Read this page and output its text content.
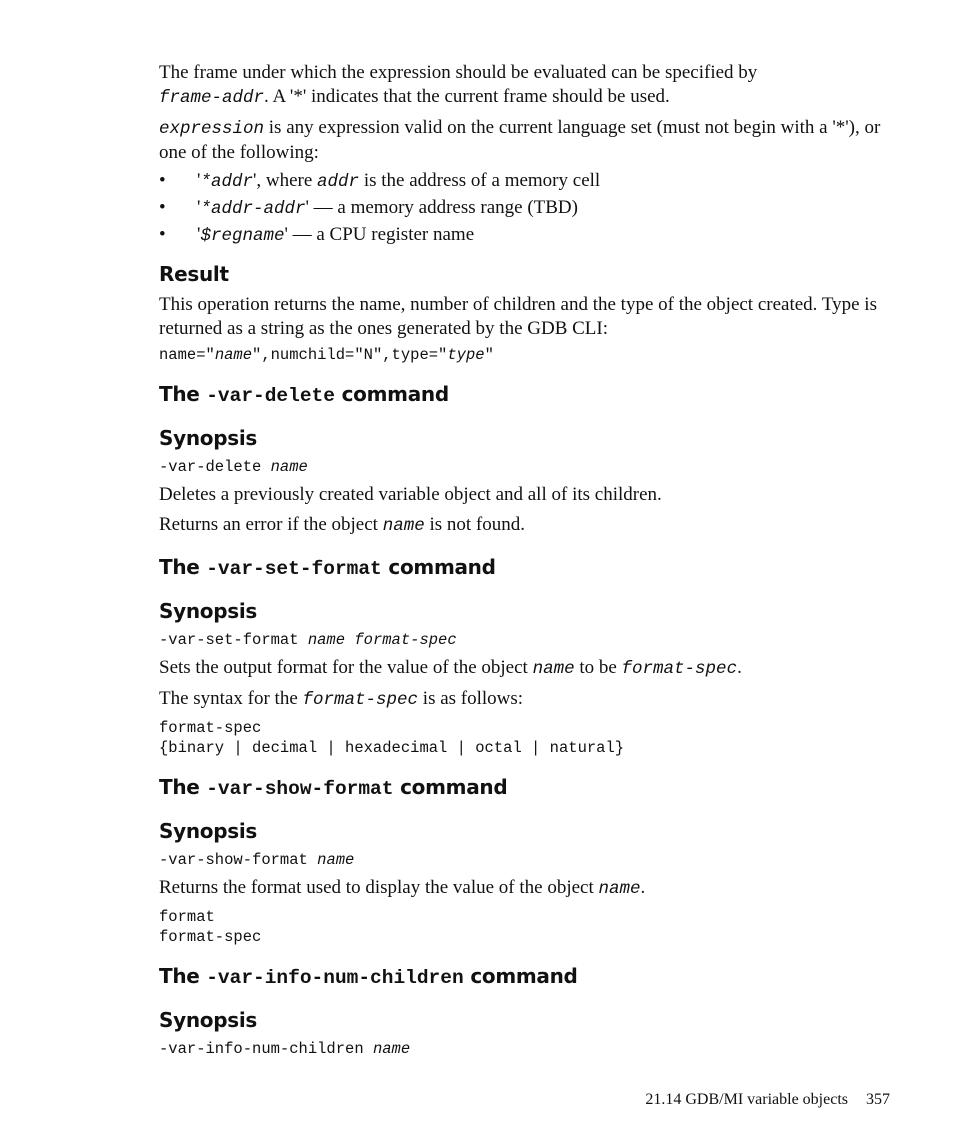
The frame under which the expression should be evaluated can be specified by
frame-addr. A '*' indicates that the current frame should be used.

expression is any expression valid on the current language set (must not begin with a '*'), or one of the following:

• '*addr', where addr is the address of a memory cell
• '*addr-addr' — a memory address range (TBD)
• '$regname' — a CPU register name
Result

This operation returns the name, number of children and the type of the object created. Type is returned as a string as the ones generated by the GDB CLI:

name="name",numchild="N",type="type"
The -var-delete command
Synopsis
-var-delete name

Deletes a previously created variable object and all of its children.

Returns an error if the object name is not found.

The -var-set-format command
Synopsis
-var-set-format name format-spec

Sets the output format for the value of the object name to be format-spec.

The syntax for the format-spec is as follows:

format-spec
{binary | decimal | hexadecimal | octal | natural}
The -var-show-format command
Synopsis
-var-show-format name

Returns the format used to display the value of the object name.

format
format-spec
The -var-info-num-children command
Synopsis
-var-info-num-children name
21.14 GDB/MI variable objects 357
